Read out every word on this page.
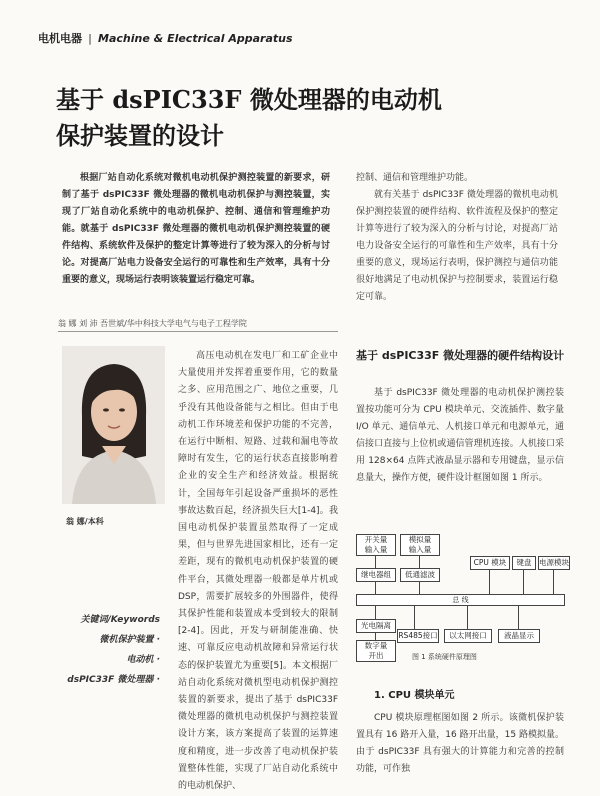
电机电器 | Machine & Electrical Apparatus
基于 dsPIC33F 微处理器的电动机
保护装置的设计
根据厂站自动化系统对微机电动机保护测控装置的新要求，研制了基于 dsPIC33F 微处理器的微机电动机保护与测控装置，实现了厂站自动化系统中的电动机保护、控制、通信和管理维护功能。就基于 dsPIC33F 微处理器的微机电动机保护测控装置的硬件结构、系统软件及保护的整定计算等进行了较为深入的分析与讨论。对提高厂站电力设备安全运行的可靠性和生产效率，具有十分重要的意义，现场运行表明该装置运行稳定可靠。
翁 娜 刘 沛 吾世斌/华中科技大学电气与电子工程学院
翁 娜/本科
关键词/Keywords
微机保护装置 ·
电动机 ·
dsPIC33F 微处理器 ·
高压电动机在发电厂和工矿企业中大量使用并发挥着重要作用，它的数量之多、应用范围之广、地位之重要，几乎没有其他设备能与之相比。但由于电动机工作环境差和保护功能的不完善，在运行中断相、短路、过载和漏电等故障时有发生，它的运行状态直接影响着企业的安全生产和经济效益。根据统计，全国每年引起设备严重损坏的恶性事故达数百起，经济损失巨大[1-4]。我国电动机保护装置虽然取得了一定成果，但与世界先进国家相比，还有一定差距，现有的微机电动机保护装置的硬件平台，其微处理器一般都是单片机或 DSP，需要扩展较多的外围器件，使得其保护性能和装置成本受到较大的限制[2-4]。因此，开发与研制能准确、快速、可靠反应电动机故障和异常运行状态的保护装置尤为重要[5]。本文根据厂站自动化系统对微机型电动机保护测控装置的新要求，提出了基于 dsPIC33F 微处理器的微机电动机保护与测控装置设计方案，该方案提高了装置的运算速度和精度，进一步改善了电动机保护装置整体性能，实现了厂站自动化系统中的电动机保护、
控制、通信和管理维护功能。
就有关基于 dsPIC33F 微处理器的微机电动机保护测控装置的硬件结构、软件流程及保护的整定计算等进行了较为深入的分析与讨论，对提高厂站电力设备安全运行的可靠性和生产效率，具有十分重要的意义，现场运行表明，保护测控与通信功能很好地满足了电动机保护与控制要求，装置运行稳定可靠。
基于 dsPIC33F 微处理器的硬件结构设计
基于 dsPIC33F 微处理器的电动机保护测控装置按功能可分为 CPU 模块单元、交流插件、数字量 I/O 单元、通信单元、人机接口单元和电源单元，通信接口直接与上位机或通信管理机连接。人机接口采用 128×64 点阵式液晶显示器和专用键盘，显示信息量大，操作方便，硬件设计框图如图 1 所示。
开关量
输入量
模拟量
输入量
CPU 模块	键盘	电源模块
继电器组	低通滤波
总 线
光电隔离
RS485接口	以太网接口	液晶显示
数字量
开出	图 1 系统硬件原理图
1. CPU 模块单元
CPU 模块原理框图如图 2 所示。该微机保护装置具有 16 路开入量，16 路开出量，15 路模拟量。由于 dsPIC33F 具有强大的计算能力和完善的控制功能，可作独
